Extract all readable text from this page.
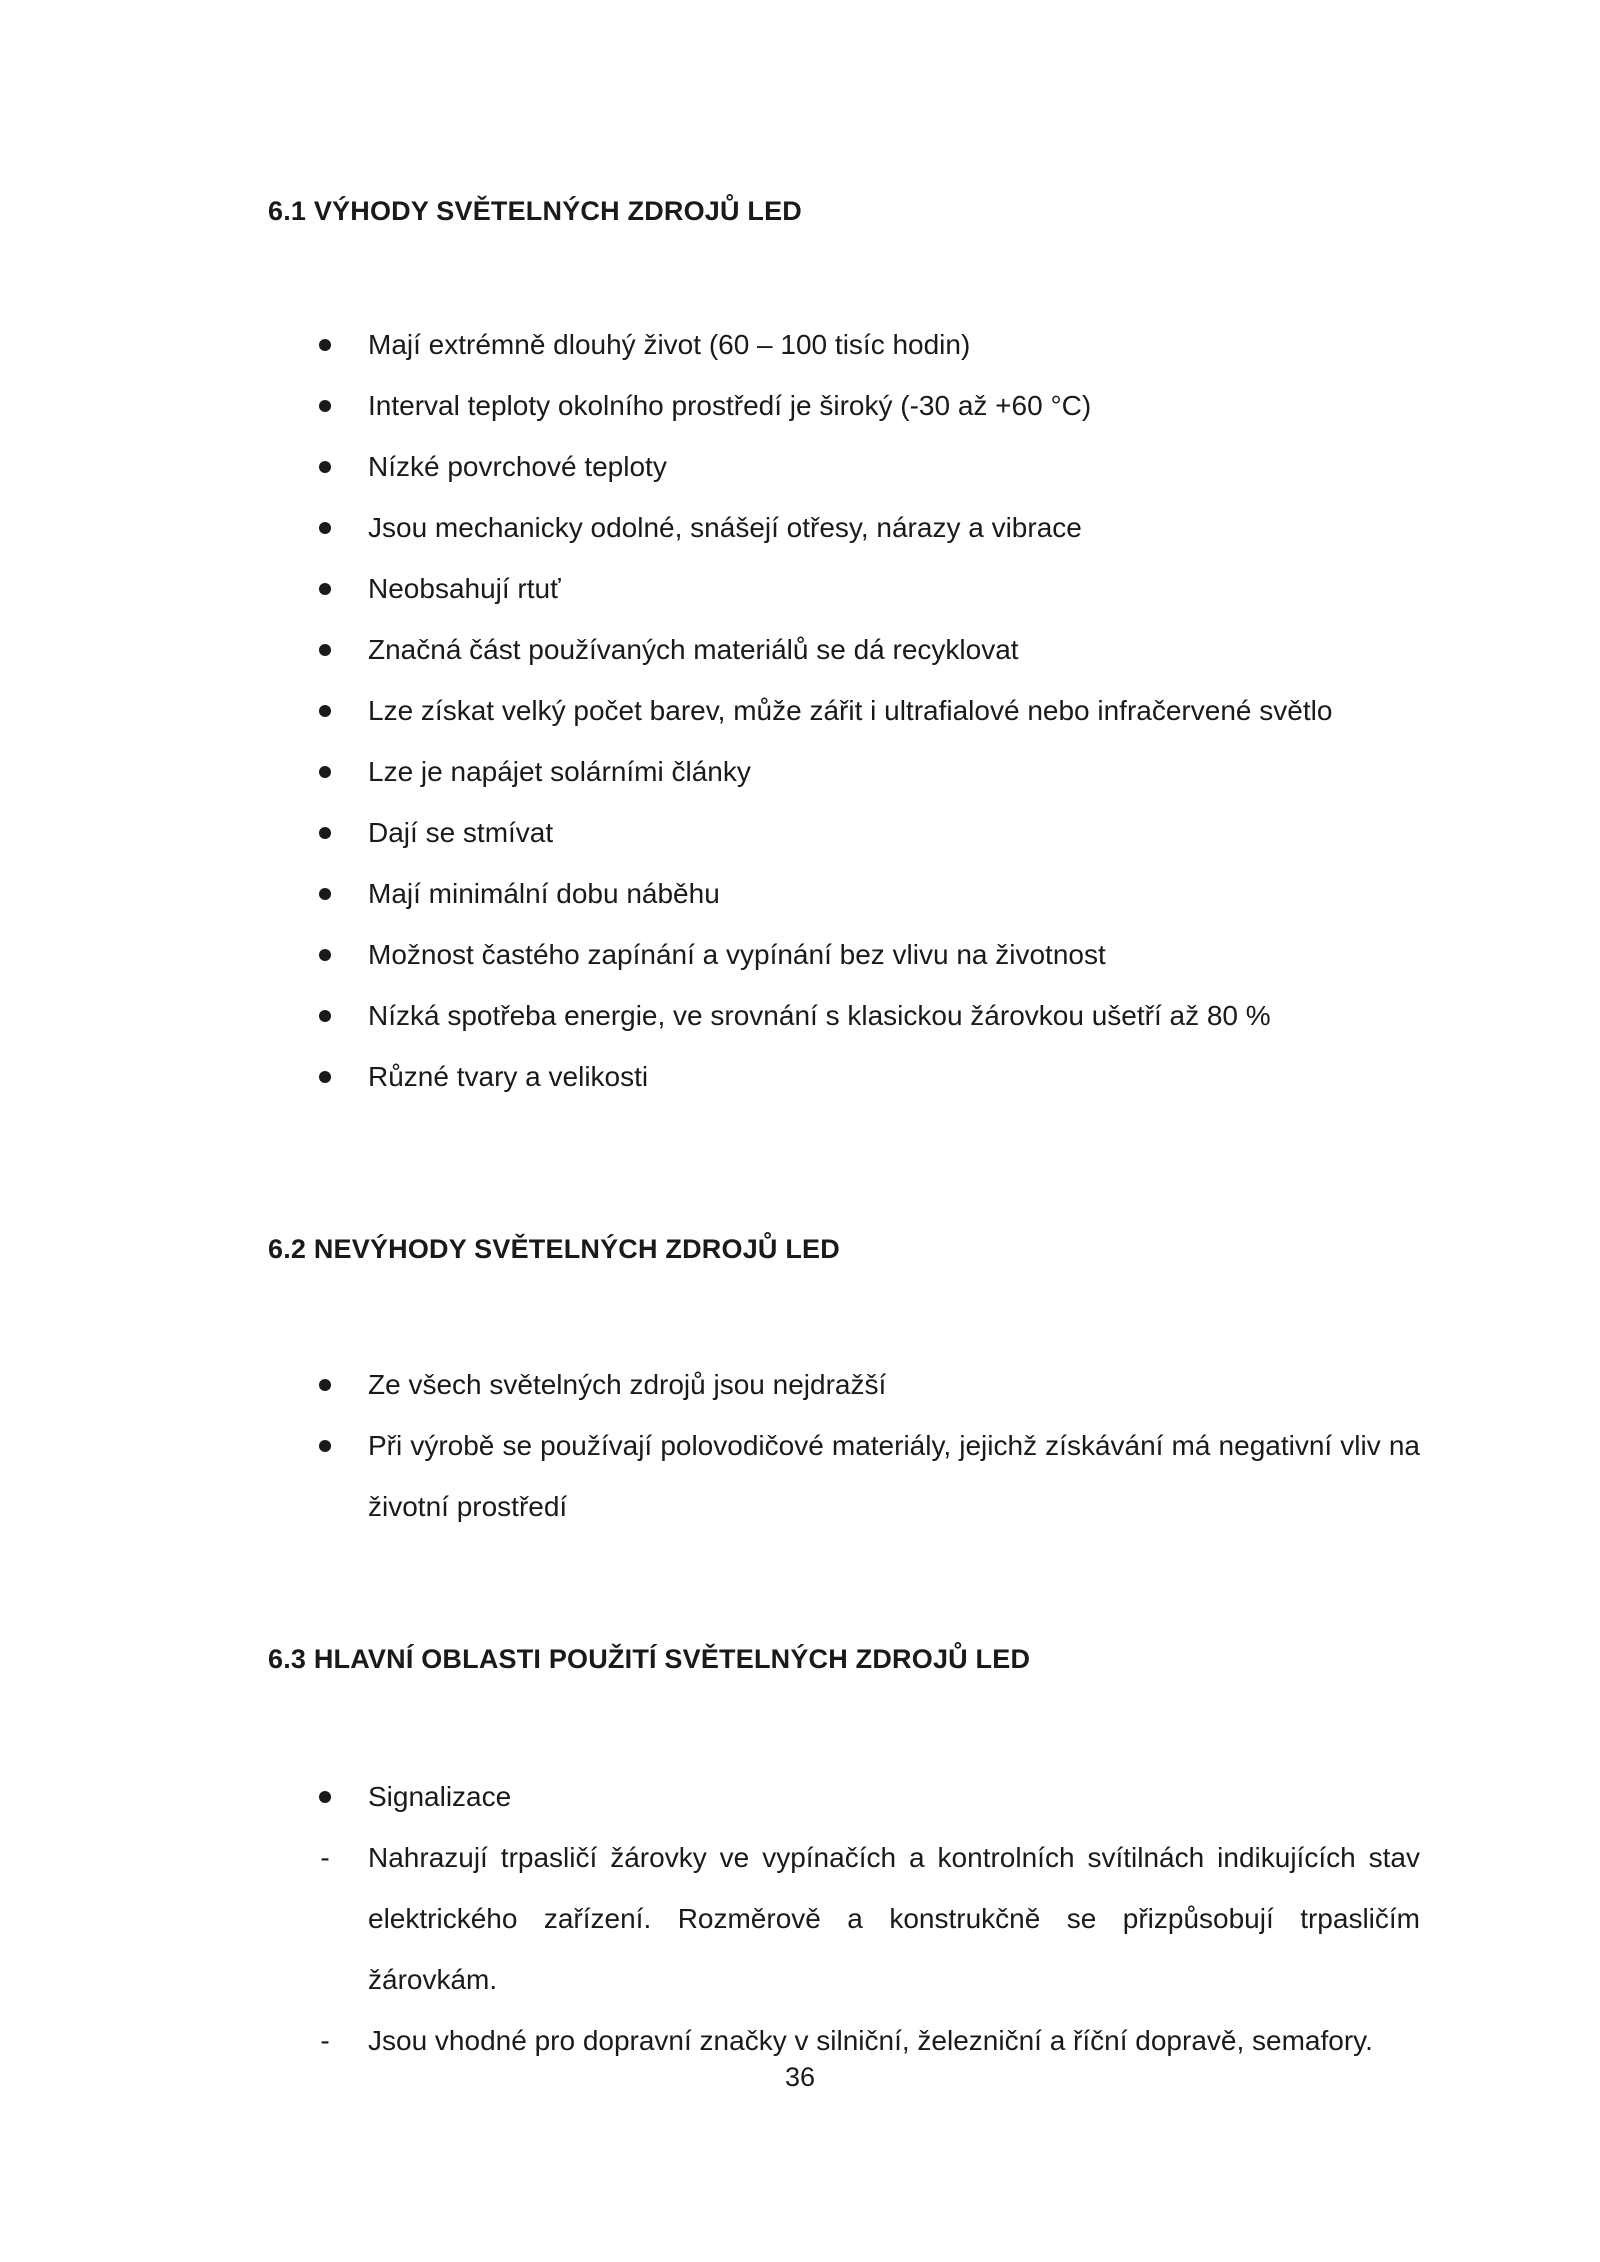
6.1 VÝHODY SVĚTELNÝCH ZDROJŮ LED
Mají extrémně dlouhý život (60 – 100 tisíc hodin)
Interval teploty okolního prostředí je široký (-30 až +60 °C)
Nízké povrchové teploty
Jsou mechanicky odolné, snášejí otřesy, nárazy a vibrace
Neobsahují rtuť
Značná část používaných materiálů se dá recyklovat
Lze získat velký počet barev, může zářit i ultrafialové nebo infračervené světlo
Lze je napájet solárními články
Dají se stmívat
Mají minimální dobu náběhu
Možnost častého zapínání a vypínání bez vlivu na životnost
Nízká spotřeba energie, ve srovnání s klasickou žárovkou ušetří až 80 %
Různé tvary a velikosti
6.2 NEVÝHODY SVĚTELNÝCH ZDROJŮ LED
Ze všech světelných zdrojů jsou nejdražší
Při výrobě se používají polovodičové materiály, jejichž získávání má negativní vliv na životní prostředí
6.3 HLAVNÍ OBLASTI POUŽITÍ SVĚTELNÝCH ZDROJŮ LED
Signalizace
-	Nahrazují trpasličí žárovky ve vypínačích a kontrolních svítilnách indikujících stav elektrického zařízení. Rozměrově a konstrukčně se přizpůsobují trpasličím žárovkám.
-	Jsou vhodné pro dopravní značky v silniční, železniční a říční dopravě, semafory.
36
